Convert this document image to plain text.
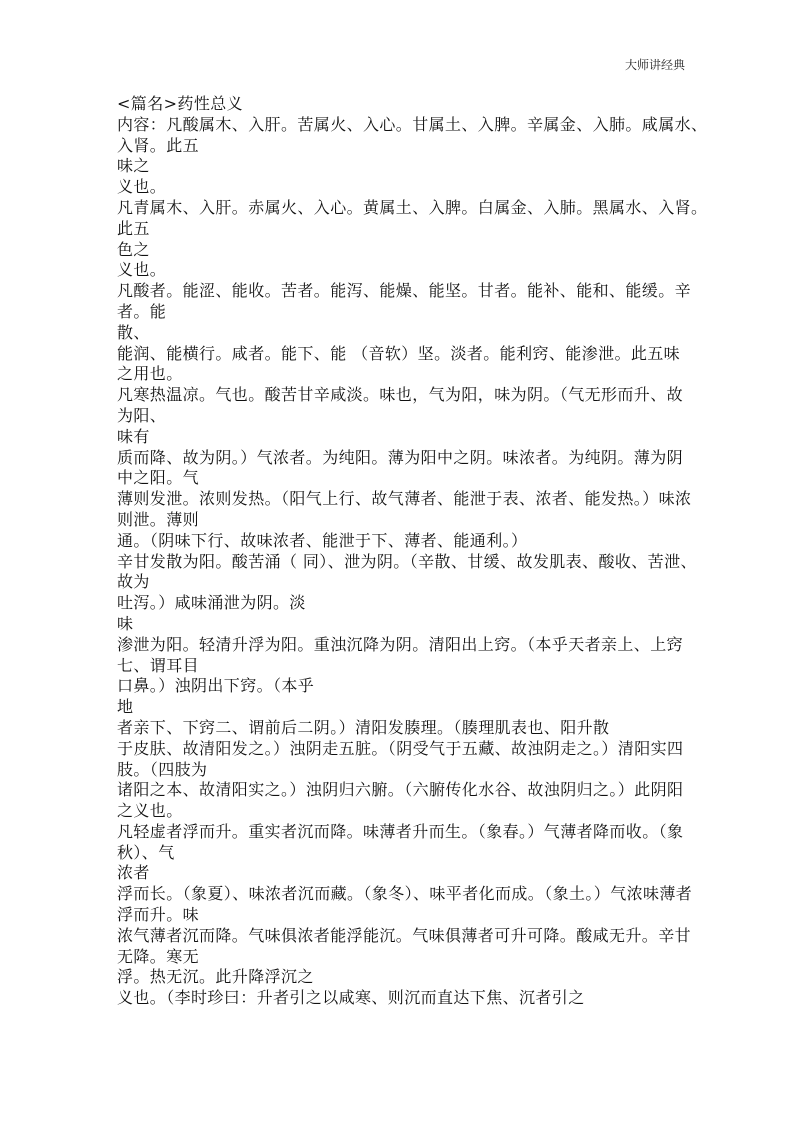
大师讲经典
<篇名>药性总义
内容：凡酸属木、入肝。苦属火、入心。甘属土、入脾。辛属金、入肺。咸属水、
入肾。此五
味之
义也。
凡青属木、入肝。赤属火、入心。黄属土、入脾。白属金、入肺。黑属水、入肾。
此五
色之
义也。
凡酸者。能涩、能收。苦者。能泻、能燥、能坚。甘者。能补、能和、能缓。辛
者。能
散、
能润、能横行。咸者。能下、能 （音软）坚。淡者。能利窍、能渗泄。此五味
之用也。
凡寒热温凉。气也。酸苦甘辛咸淡。味也，气为阳，味为阴。（气无形而升、故
为阳、
味有
质而降、故为阴。）气浓者。为纯阳。薄为阳中之阴。味浓者。为纯阴。薄为阴
中之阳。气
薄则发泄。浓则发热。（阳气上行、故气薄者、能泄于表、浓者、能发热。）味浓
则泄。薄则
通。（阴味下行、故味浓者、能泄于下、薄者、能通利。）
辛甘发散为阳。酸苦涌（ 同）、泄为阴。（辛散、甘缓、故发肌表、酸收、苦泄、
故为
吐泻。）咸味涌泄为阴。淡
味
渗泄为阳。轻清升浮为阳。重浊沉降为阴。清阳出上窍。（本乎天者亲上、上窍
七、谓耳目
口鼻。）浊阴出下窍。（本乎
地
者亲下、下窍二、谓前后二阴。）清阳发腠理。（腠理肌表也、阳升散
于皮肤、故清阳发之。）浊阴走五脏。（阴受气于五藏、故浊阴走之。）清阳实四
肢。（四肢为
诸阳之本、故清阳实之。）浊阴归六腑。（六腑传化水谷、故浊阴归之。）此阴阳
之义也。
凡轻虚者浮而升。重实者沉而降。味薄者升而生。（象春。）气薄者降而收。（象
秋）、气
浓者
浮而长。（象夏）、味浓者沉而藏。（象冬）、味平者化而成。（象土。）气浓味薄者
浮而升。味
浓气薄者沉而降。气味俱浓者能浮能沉。气味俱薄者可升可降。酸咸无升。辛甘
无降。寒无
浮。热无沉。此升降浮沉之
义也。（李时珍曰：升者引之以咸寒、则沉而直达下焦、沉者引之
